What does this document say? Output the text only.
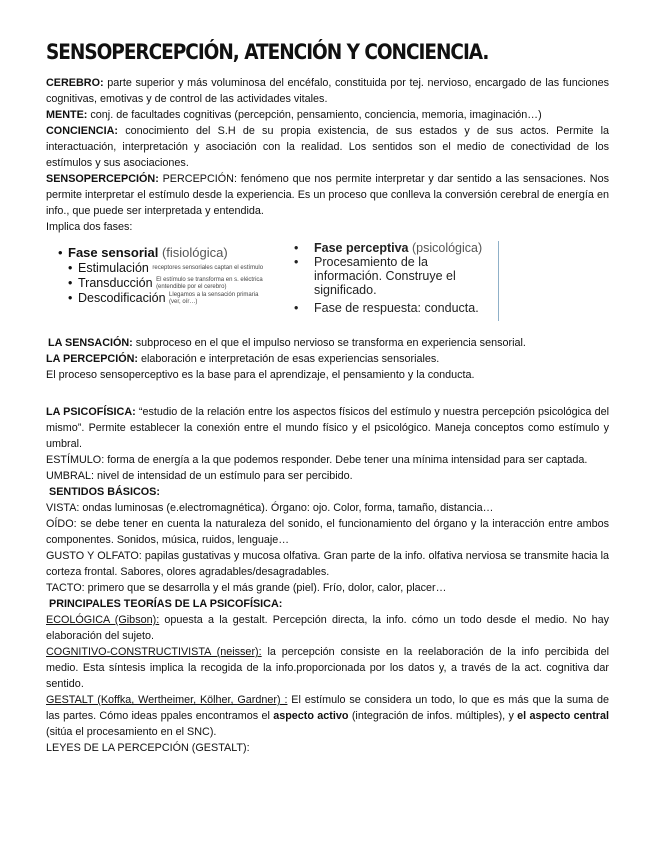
SENSOPERCEPCIÓN, ATENCIÓN Y CONCIENCIA.

CEREBRO: parte superior y más voluminosa del encéfalo, constituida por tej. nervioso, encargado de las funciones cognitivas, emotivas y de control de las actividades vitales.

MENTE: conj. de facultades cognitivas (percepción, pensamiento, conciencia, memoria, imaginación…)

CONCIENCIA: conocimiento del S.H de su propia existencia, de sus estados y de sus actos. Permite la interactuación, interpretación y asociación con la realidad. Los sentidos son el medio de conectividad de los estímulos y sus asociaciones.

SENSOPERCEPCIÓN: PERCEPCIÓN: fenómeno que nos permite interpretar y dar sentido a las sensaciones. Nos permite interpretar el estímulo desde la experiencia. Es un proceso que conlleva la conversión cerebral de energía en info., que puede ser interpretada y entendida.

Implica dos fases:

• Fase sensorial (fisiológica)
• Estimulación receptores sensoriales captan el estímulo
• Transducción El estímulo se transforma en s. eléctrica (entendible por el cerebro)
• Descodificación Llegamos a la sensación primaria (ver, oír…)
• Fase perceptiva (psicológica)
• Procesamiento de la información. Construye el significado.
• Fase de respuesta: conducta.

LA SENSACIÓN: subproceso en el que el impulso nervioso se transforma en experiencia sensorial.

LA PERCEPCIÓN: elaboración e interpretación de esas experiencias sensoriales.

El proceso sensoperceptivo es la base para el aprendizaje, el pensamiento y la conducta.

LA PSICOFÍSICA: “estudio de la relación entre los aspectos físicos del estímulo y nuestra percepción psicológica del mismo”. Permite establecer la conexión entre el mundo físico y el psicológico. Maneja conceptos como estímulo y umbral.

ESTÍMULO: forma de energía a la que podemos responder. Debe tener una mínima intensidad para ser captada.

UMBRAL: nivel de intensidad de un estímulo para ser percibido.

SENTIDOS BÁSICOS:

VISTA: ondas luminosas (e.electromagnética). Órgano: ojo. Color, forma, tamaño, distancia…

OÍDO: se debe tener en cuenta la naturaleza del sonido, el funcionamiento del órgano y la interacción entre ambos componentes. Sonidos, música, ruidos, lenguaje…

GUSTO Y OLFATO: papilas gustativas y mucosa olfativa. Gran parte de la info. olfativa nerviosa se transmite hacia la corteza frontal. Sabores, olores agradables/desagradables.

TACTO: primero que se desarrolla y el más grande (piel). Frío, dolor, calor, placer…

PRINCIPALES TEORÍAS DE LA PSICOFÍSICA:

ECOLÓGICA (Gibson): opuesta a la gestalt. Percepción directa, la info. cómo un todo desde el medio. No hay elaboración del sujeto.

COGNITIVO-CONSTRUCTIVISTA (neisser): la percepción consiste en la reelaboración de la info percibida del medio. Esta síntesis implica la recogida de la info.proporcionada por los datos y, a través de la act. cognitiva dar sentido.

GESTALT (Koffka, Wertheimer, Kölher, Gardner) : El estímulo se considera un todo, lo que es más que la suma de las partes. Cómo ideas ppales encontramos el aspecto activo (integración de infos. múltiples), y el aspecto central (sitúa el procesamiento en el SNC).

LEYES DE LA PERCEPCIÓN (GESTALT):
